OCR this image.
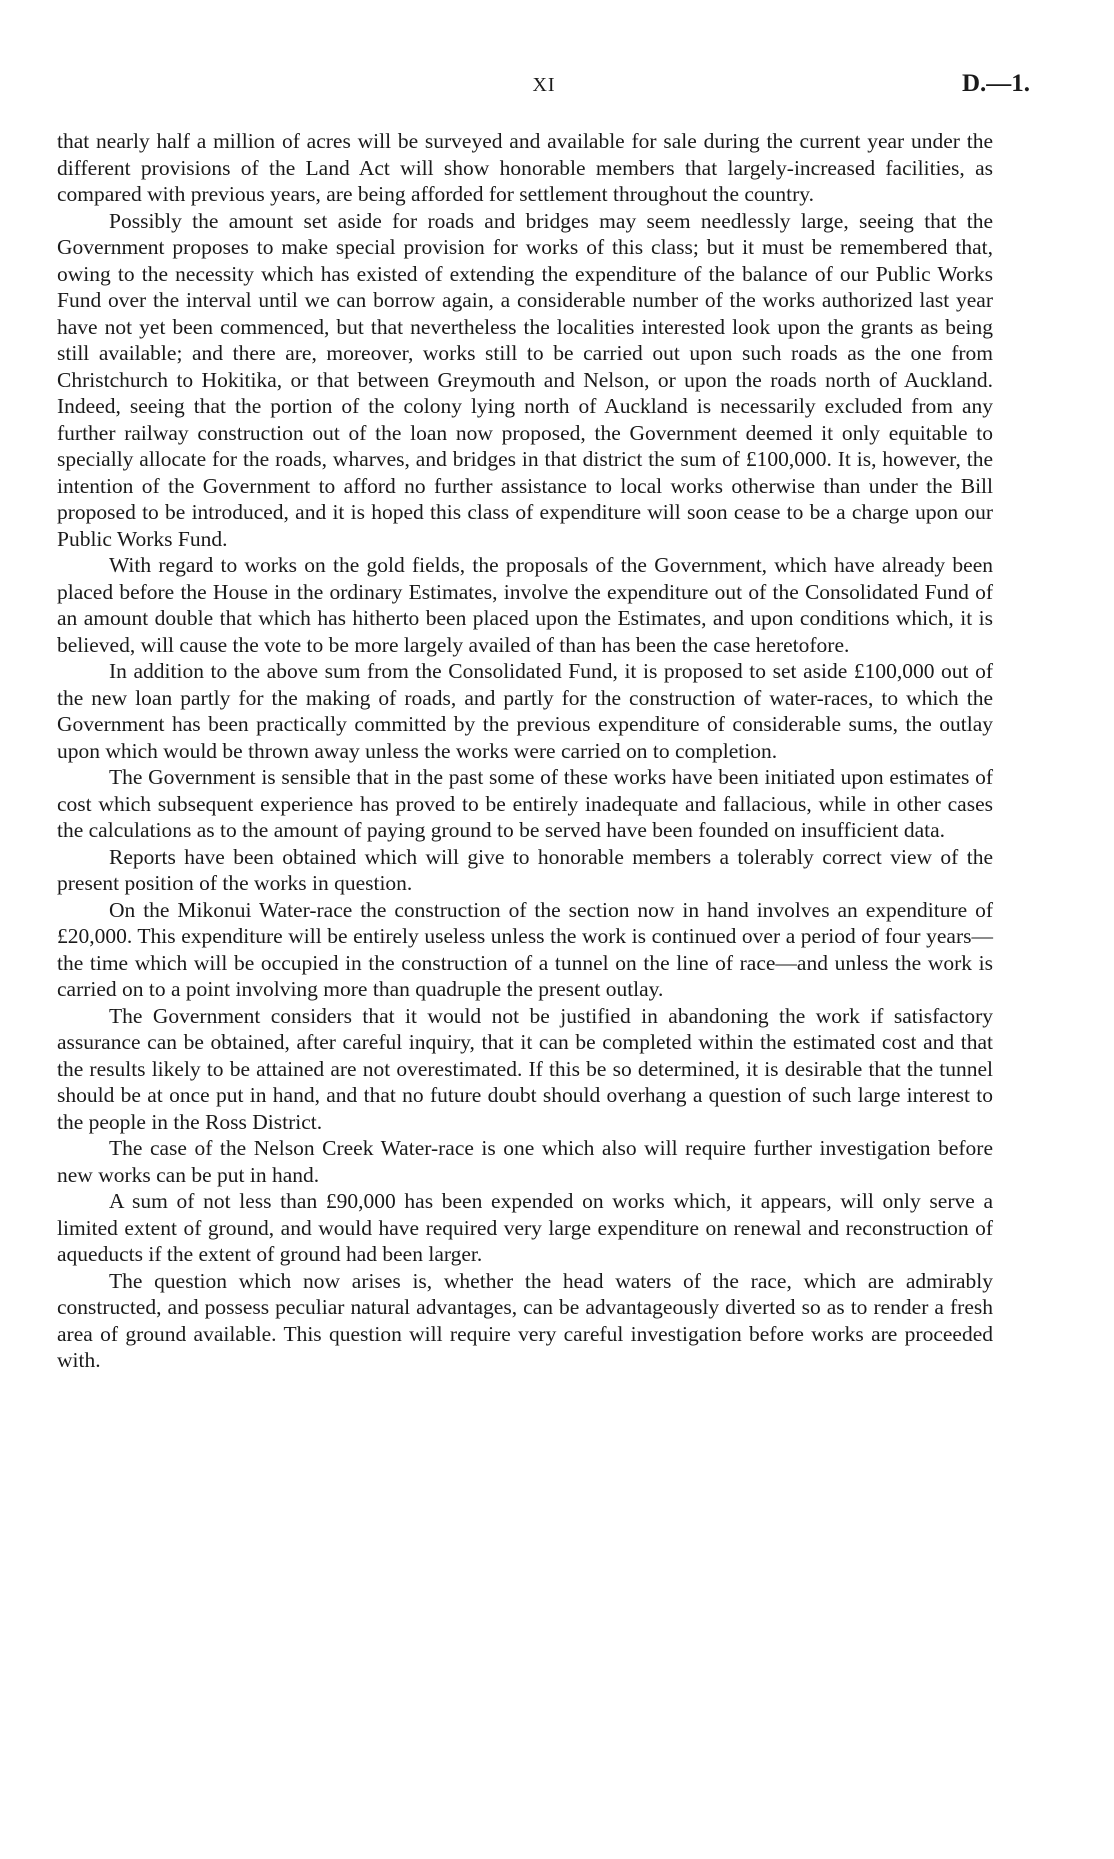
XI	D.—1.

that nearly half a million of acres will be surveyed and available for sale during the current year under the different provisions of the Land Act will show honorable members that largely-increased facilities, as compared with previous years, are being afforded for settlement throughout the country.

Possibly the amount set aside for roads and bridges may seem needlessly large, seeing that the Government proposes to make special provision for works of this class; but it must be remembered that, owing to the necessity which has existed of extending the expenditure of the balance of our Public Works Fund over the interval until we can borrow again, a considerable number of the works authorized last year have not yet been commenced, but that nevertheless the localities interested look upon the grants as being still available; and there are, moreover, works still to be carried out upon such roads as the one from Christchurch to Hokitika, or that between Greymouth and Nelson, or upon the roads north of Auckland. Indeed, seeing that the portion of the colony lying north of Auckland is necessarily excluded from any further railway construction out of the loan now proposed, the Government deemed it only equitable to specially allocate for the roads, wharves, and bridges in that district the sum of £100,000. It is, however, the intention of the Government to afford no further assistance to local works otherwise than under the Bill proposed to be introduced, and it is hoped this class of expenditure will soon cease to be a charge upon our Public Works Fund.

With regard to works on the gold fields, the proposals of the Government, which have already been placed before the House in the ordinary Estimates, involve the expenditure out of the Consolidated Fund of an amount double that which has hitherto been placed upon the Estimates, and upon conditions which, it is believed, will cause the vote to be more largely availed of than has been the case heretofore.

In addition to the above sum from the Consolidated Fund, it is proposed to set aside £100,000 out of the new loan partly for the making of roads, and partly for the construction of water-races, to which the Government has been practically committed by the previous expenditure of considerable sums, the outlay upon which would be thrown away unless the works were carried on to completion.

The Government is sensible that in the past some of these works have been initiated upon estimates of cost which subsequent experience has proved to be entirely inadequate and fallacious, while in other cases the calculations as to the amount of paying ground to be served have been founded on insufficient data.

Reports have been obtained which will give to honorable members a tolerably correct view of the present position of the works in question.

On the Mikonui Water-race the construction of the section now in hand involves an expenditure of £20,000. This expenditure will be entirely useless unless the work is continued over a period of four years—the time which will be occupied in the construction of a tunnel on the line of race—and unless the work is carried on to a point involving more than quadruple the present outlay.

The Government considers that it would not be justified in abandoning the work if satisfactory assurance can be obtained, after careful inquiry, that it can be completed within the estimated cost and that the results likely to be attained are not overestimated. If this be so determined, it is desirable that the tunnel should be at once put in hand, and that no future doubt should overhang a question of such large interest to the people in the Ross District.

The case of the Nelson Creek Water-race is one which also will require further investigation before new works can be put in hand.

A sum of not less than £90,000 has been expended on works which, it appears, will only serve a limited extent of ground, and would have required very large expenditure on renewal and reconstruction of aqueducts if the extent of ground had been larger.

The question which now arises is, whether the head waters of the race, which are admirably constructed, and possess peculiar natural advantages, can be advantageously diverted so as to render a fresh area of ground available. This question will require very careful investigation before works are proceeded with.
